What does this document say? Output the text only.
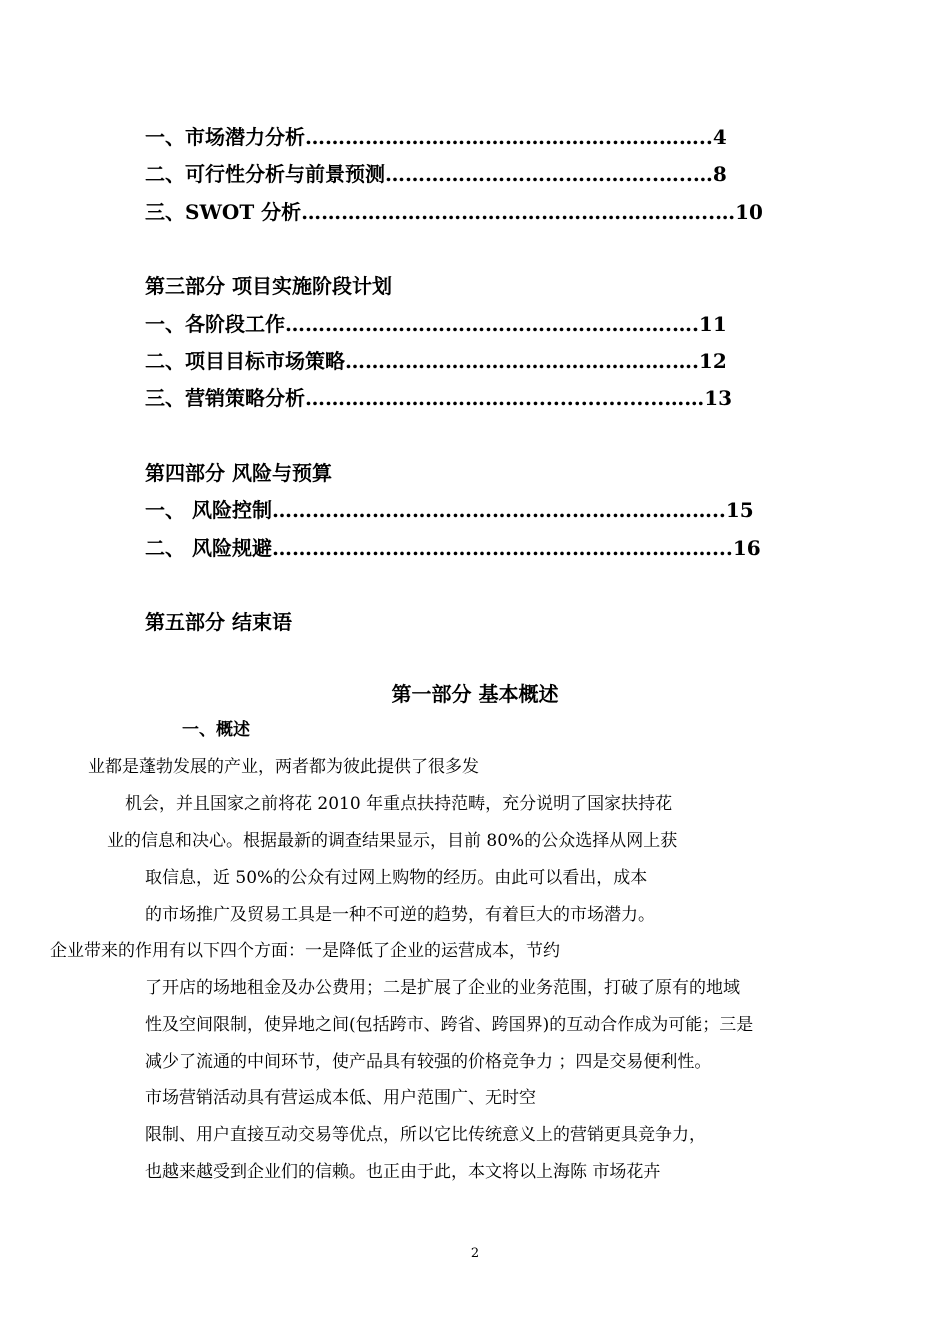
一、市场潜力分析………………………………………..…………..4
二、可行性分析与前景预测…………………………………..…..…8
三、SWOT 分析……………………………………………………..…10
第三部分 项目实施阶段计划
一、各阶段工作………………………………………………….….11
二、项目目标市场策略………………………………………….….12
三、营销策略分析……………………………....................……13
第四部分 风险与预算
一、 风险控制…………………………………………………………..15
二、 风险规避…………………………………………………………...16
第五部分 结束语
第一部分 基本概述
一、概述
业都是蓬勃发展的产业，两者都为彼此提供了很多发
机会，并且国家之前将花 2010 年重点扶持范畴，充分说明了国家扶持花
业的信息和决心。根据最新的调查结果显示，目前 80%的公众选择从网上获
取信息，近 50%的公众有过网上购物的经历。由此可以看出，成本
的市场推广及贸易工具是一种不可逆的趋势，有着巨大的市场潜力。
企业带来的作用有以下四个方面：一是降低了企业的运营成本，节约
了开店的场地租金及办公费用；二是扩展了企业的业务范围，打破了原有的地域
性及空间限制，使异地之间(包括跨市、跨省、跨国界)的互动合作成为可能；三是
减少了流通的中间环节，使产品具有较强的价格竞争力 ；四是交易便利性。
市场营销活动具有营运成本低、用户范围广、无时空
限制、用户直接互动交易等优点，所以它比传统意义上的营销更具竞争力，
也越来越受到企业们的信赖。也正由于此，本文将以上海陈 市场花卉
2
